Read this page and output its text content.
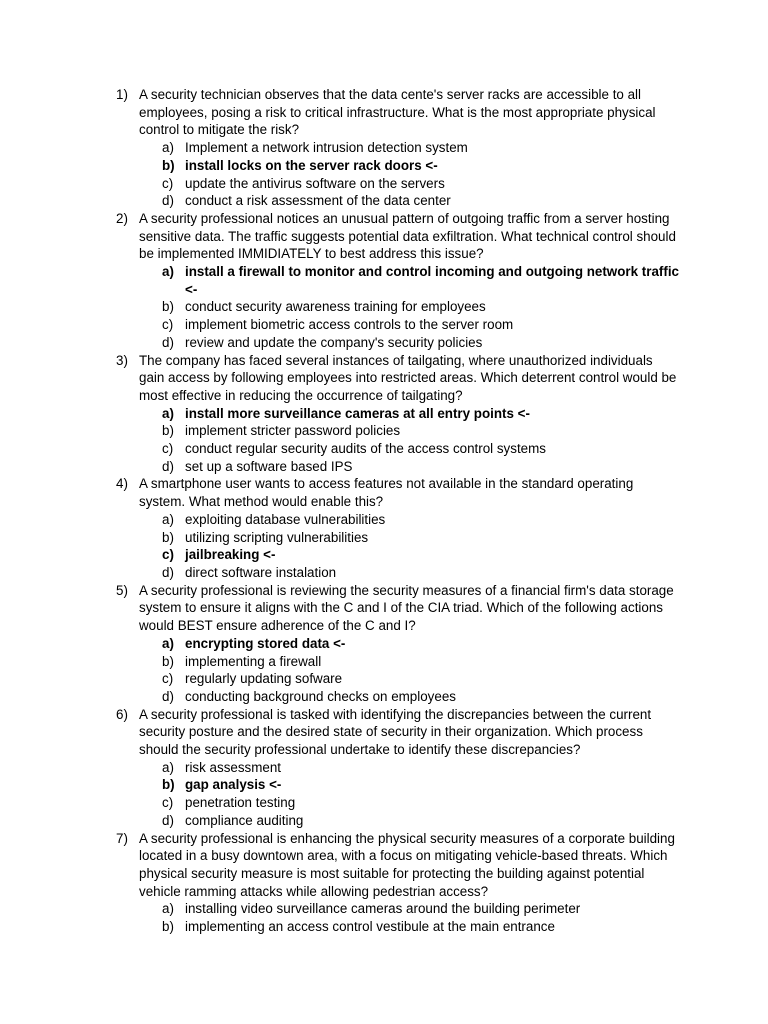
1) A security technician observes that the data cente's server racks are accessible to all employees, posing a risk to critical infrastructure. What is the most appropriate physical control to mitigate the risk?
a) Implement a network intrusion detection system
b) install locks on the server rack doors <-
c) update the antivirus software on the servers
d) conduct a risk assessment of the data center
2) A security professional notices an unusual pattern of outgoing traffic from a server hosting sensitive data. The traffic suggests potential data exfiltration. What technical control should be implemented IMMIDIATELY to best address this issue?
a) install a firewall to monitor and control incoming and outgoing network traffic <-
b) conduct security awareness training for employees
c) implement biometric access controls to the server room
d) review and update the company's security policies
3) The company has faced several instances of tailgating, where unauthorized individuals gain access by following employees into restricted areas. Which deterrent control would be most effective in reducing the occurrence of tailgating?
a) install more surveillance cameras at all entry points <-
b) implement stricter password policies
c) conduct regular security audits of the access control systems
d) set up a software based IPS
4) A smartphone user wants to access features not available in the standard operating system. What method would enable this?
a) exploiting database vulnerabilities
b) utilizing scripting vulnerabilities
c) jailbreaking <-
d) direct software instalation
5) A security professional is reviewing the security measures of a financial firm's data storage system to ensure it aligns with the C and I of the CIA triad. Which of the following actions would BEST ensure adherence of the C and I?
a) encrypting stored data <-
b) implementing a firewall
c) regularly updating sofware
d) conducting background checks on employees
6) A security professional is tasked with identifying the discrepancies between the current security posture and the desired state of security in their organization. Which process should the security professional undertake to identify these discrepancies?
a) risk assessment
b) gap analysis <-
c) penetration testing
d) compliance auditing
7) A security professional is enhancing the physical security measures of a corporate building located in a busy downtown area, with a focus on mitigating vehicle-based threats. Which physical security measure is most suitable for protecting the building against potential vehicle ramming attacks while allowing pedestrian access?
a) installing video surveillance cameras around the building perimeter
b) implementing an access control vestibule at the main entrance
